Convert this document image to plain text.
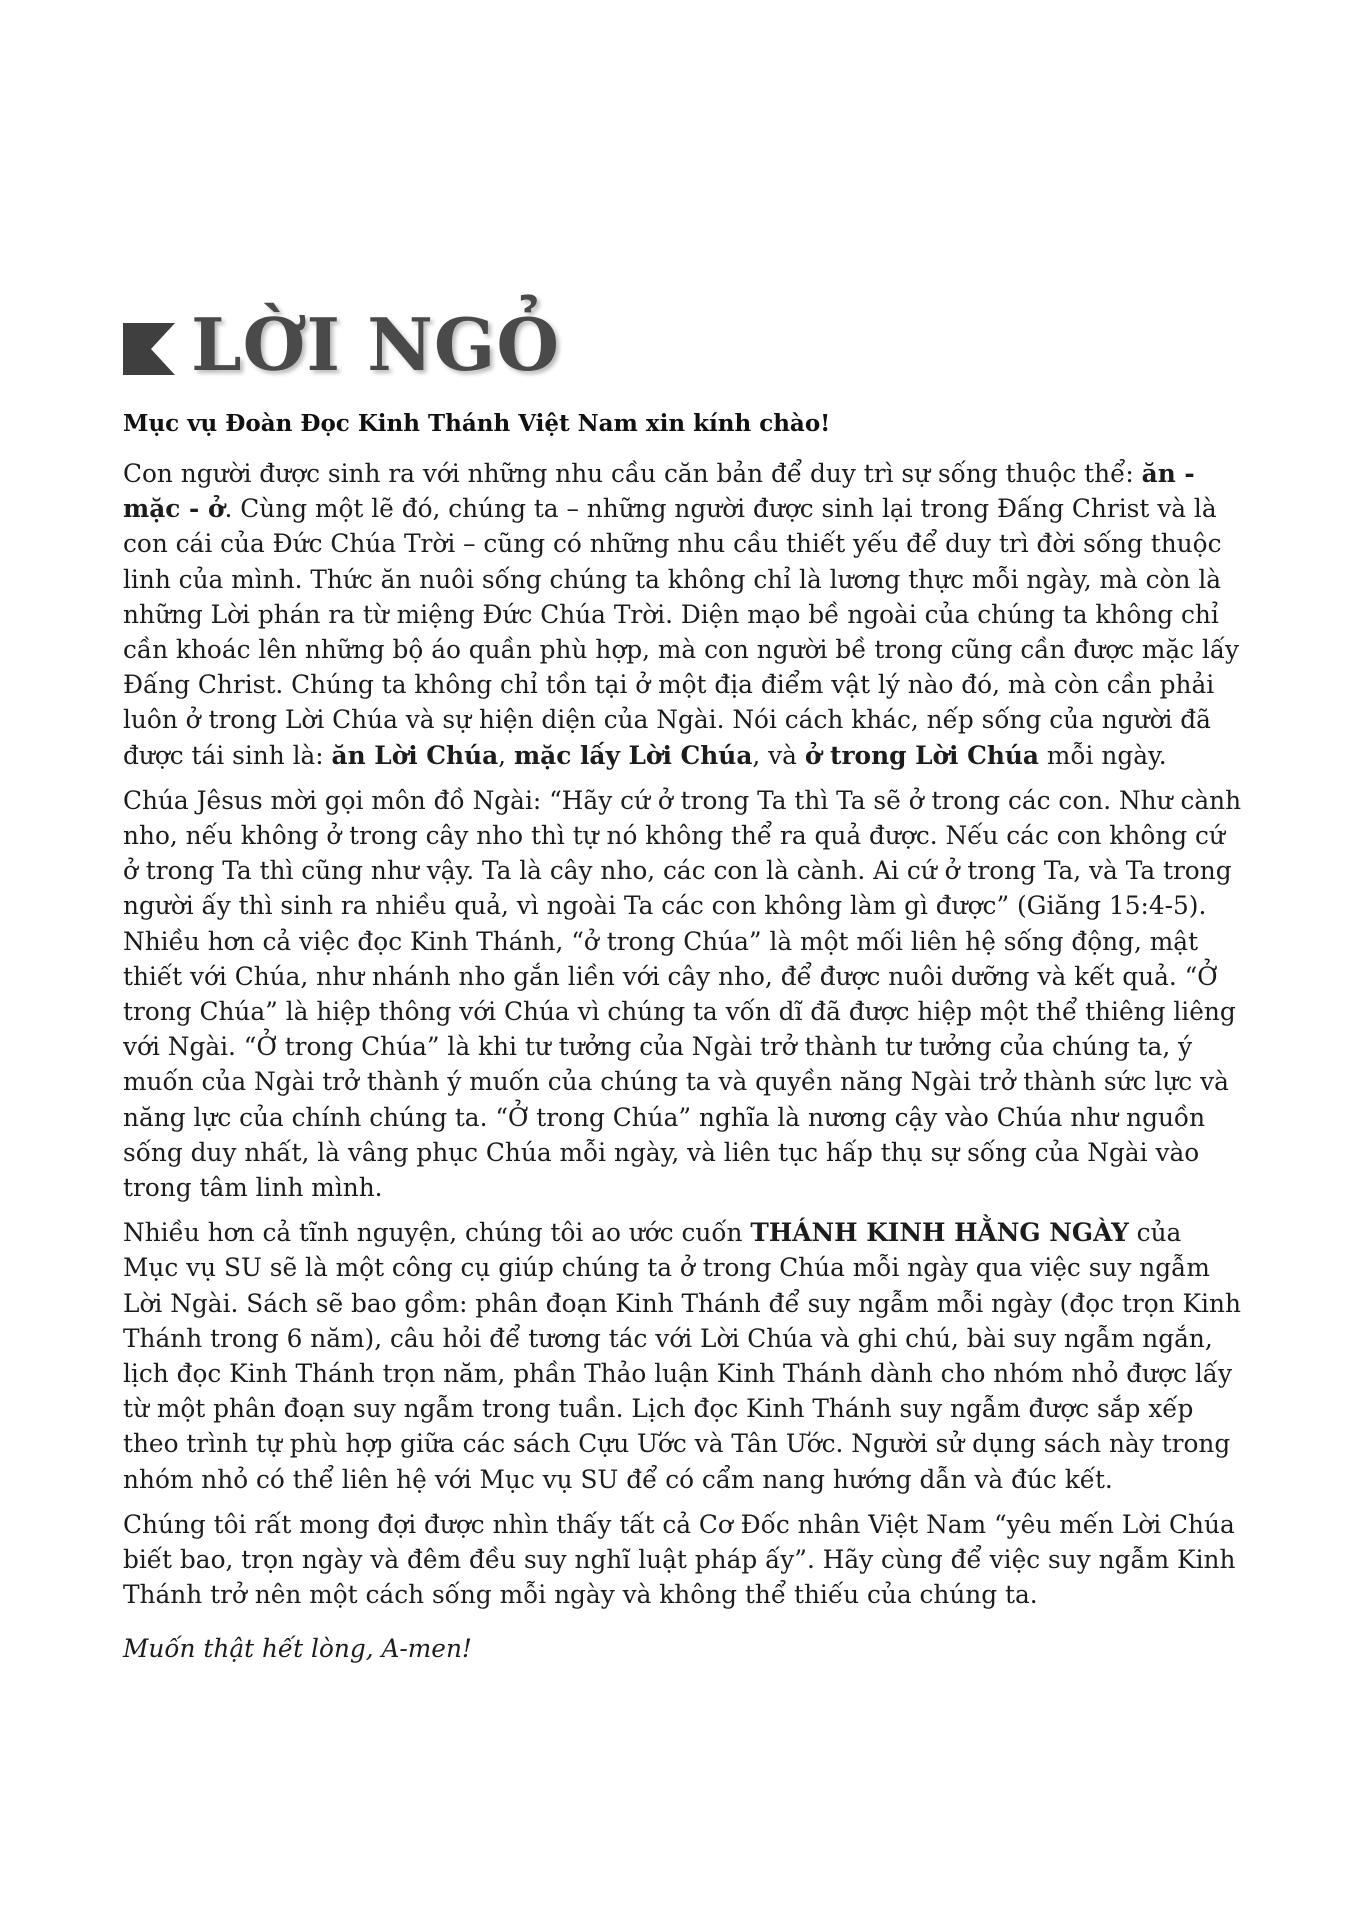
LỜI NGỎ
Mục vụ Đoàn Đọc Kinh Thánh Việt Nam xin kính chào!

Con người được sinh ra với những nhu cầu căn bản để duy trì sự sống thuộc thể: ăn - mặc - ở. Cùng một lẽ đó, chúng ta – những người được sinh lại trong Đấng Christ và là con cái của Đức Chúa Trời – cũng có những nhu cầu thiết yếu để duy trì đời sống thuộc linh của mình. Thức ăn nuôi sống chúng ta không chỉ là lương thực mỗi ngày, mà còn là những Lời phán ra từ miệng Đức Chúa Trời. Diện mạo bề ngoài của chúng ta không chỉ cần khoác lên những bộ áo quần phù hợp, mà con người bề trong cũng cần được mặc lấy Đấng Christ. Chúng ta không chỉ tồn tại ở một địa điểm vật lý nào đó, mà còn cần phải luôn ở trong Lời Chúa và sự hiện diện của Ngài. Nói cách khác, nếp sống của người đã được tái sinh là: ăn Lời Chúa, mặc lấy Lời Chúa, và ở trong Lời Chúa mỗi ngày.

Chúa Jêsus mời gọi môn đồ Ngài: “Hãy cứ ở trong Ta thì Ta sẽ ở trong các con. Như cành nho, nếu không ở trong cây nho thì tự nó không thể ra quả được. Nếu các con không cứ ở trong Ta thì cũng như vậy. Ta là cây nho, các con là cành. Ai cứ ở trong Ta, và Ta trong người ấy thì sinh ra nhiều quả, vì ngoài Ta các con không làm gì được” (Giăng 15:4-5). Nhiều hơn cả việc đọc Kinh Thánh, “ở trong Chúa” là một mối liên hệ sống động, mật thiết với Chúa, như nhánh nho gắn liền với cây nho, để được nuôi dưỡng và kết quả. “Ở trong Chúa” là hiệp thông với Chúa vì chúng ta vốn dĩ đã được hiệp một thể thiêng liêng với Ngài. “Ở trong Chúa” là khi tư tưởng của Ngài trở thành tư tưởng của chúng ta, ý muốn của Ngài trở thành ý muốn của chúng ta và quyền năng Ngài trở thành sức lực và năng lực của chính chúng ta. “Ở trong Chúa” nghĩa là nương cậy vào Chúa như nguồn sống duy nhất, là vâng phục Chúa mỗi ngày, và liên tục hấp thụ sự sống của Ngài vào trong tâm linh mình.

Nhiều hơn cả tĩnh nguyện, chúng tôi ao ước cuốn THÁNH KINH HẰNG NGÀY của Mục vụ SU sẽ là một công cụ giúp chúng ta ở trong Chúa mỗi ngày qua việc suy ngẫm Lời Ngài. Sách sẽ bao gồm: phân đoạn Kinh Thánh để suy ngẫm mỗi ngày (đọc trọn Kinh Thánh trong 6 năm), câu hỏi để tương tác với Lời Chúa và ghi chú, bài suy ngẫm ngắn, lịch đọc Kinh Thánh trọn năm, phần Thảo luận Kinh Thánh dành cho nhóm nhỏ được lấy từ một phân đoạn suy ngẫm trong tuần. Lịch đọc Kinh Thánh suy ngẫm được sắp xếp theo trình tự phù hợp giữa các sách Cựu Ước và Tân Ước. Người sử dụng sách này trong nhóm nhỏ có thể liên hệ với Mục vụ SU để có cẩm nang hướng dẫn và đúc kết.

Chúng tôi rất mong đợi được nhìn thấy tất cả Cơ Đốc nhân Việt Nam “yêu mến Lời Chúa biết bao, trọn ngày và đêm đều suy nghĩ luật pháp ấy”. Hãy cùng để việc suy ngẫm Kinh Thánh trở nên một cách sống mỗi ngày và không thể thiếu của chúng ta.

Muốn thật hết lòng, A-men!
